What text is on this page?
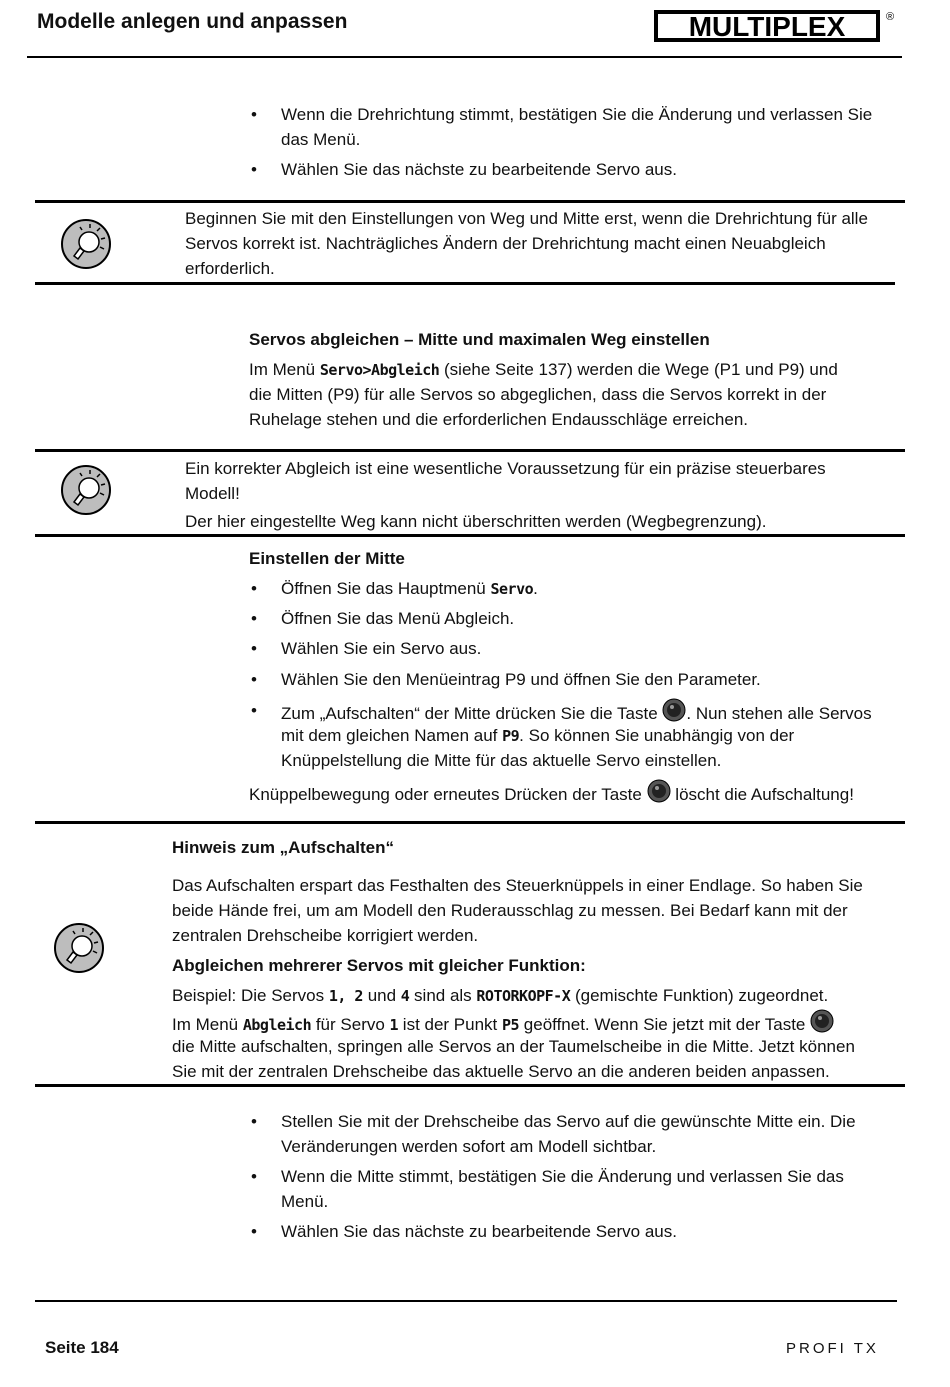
Modelle anlegen und anpassen	MULTIPLEX	®
• Wenn die Drehrichtung stimmt, bestätigen Sie die Änderung und verlassen Sie
das Menü.
• Wählen Sie das nächste zu bearbeitende Servo aus.
Beginnen Sie mit den Einstellungen von Weg und Mitte erst, wenn die Drehrichtung für alle
Servos korrekt ist. Nachträgliches Ändern der Drehrichtung macht einen Neuabgleich
erforderlich.
Servos abgleichen – Mitte und maximalen Weg einstellen
Im Menü Servo>Abgleich (siehe Seite 137) werden die Wege (P1 und P9) und
die Mitten (P9) für alle Servos so abgeglichen, dass die Servos korrekt in der
Ruhelage stehen und die erforderlichen Endausschläge erreichen.
Ein korrekter Abgleich ist eine wesentliche Voraussetzung für ein präzise steuerbares
Modell!
Der hier eingestellte Weg kann nicht überschritten werden (Wegbegrenzung).
Einstellen der Mitte
• Öffnen Sie das Hauptmenü Servo.
• Öffnen Sie das Menü Abgleich.
• Wählen Sie ein Servo aus.
• Wählen Sie den Menüeintrag P9 und öffnen Sie den Parameter.
• Zum „Aufschalten“ der Mitte drücken Sie die Taste . Nun stehen alle Servos
mit dem gleichen Namen auf P9. So können Sie unabhängig von der
Knüppelstellung die Mitte für das aktuelle Servo einstellen.
Knüppelbewegung oder erneutes Drücken der Taste  löscht die Aufschaltung!
Hinweis zum „Aufschalten“
Das Aufschalten erspart das Festhalten des Steuerknüppels in einer Endlage. So haben Sie
beide Hände frei, um am Modell den Ruderausschlag zu messen. Bei Bedarf kann mit der
zentralen Drehscheibe korrigiert werden.
Abgleichen mehrerer Servos mit gleicher Funktion:
Beispiel: Die Servos 1, 2 und 4 sind als ROTORKOPF-X (gemischte Funktion) zugeordnet.
Im Menü Abgleich für Servo 1 ist der Punkt P5 geöffnet. Wenn Sie jetzt mit der Taste
die Mitte aufschalten, springen alle Servos an der Taumelscheibe in die Mitte. Jetzt können
Sie mit der zentralen Drehscheibe das aktuelle Servo an die anderen beiden anpassen.
• Stellen Sie mit der Drehscheibe das Servo auf die gewünschte Mitte ein. Die
Veränderungen werden sofort am Modell sichtbar.
• Wenn die Mitte stimmt, bestätigen Sie die Änderung und verlassen Sie das
Menü.
• Wählen Sie das nächste zu bearbeitende Servo aus.
Seite 184	PROFI TX
